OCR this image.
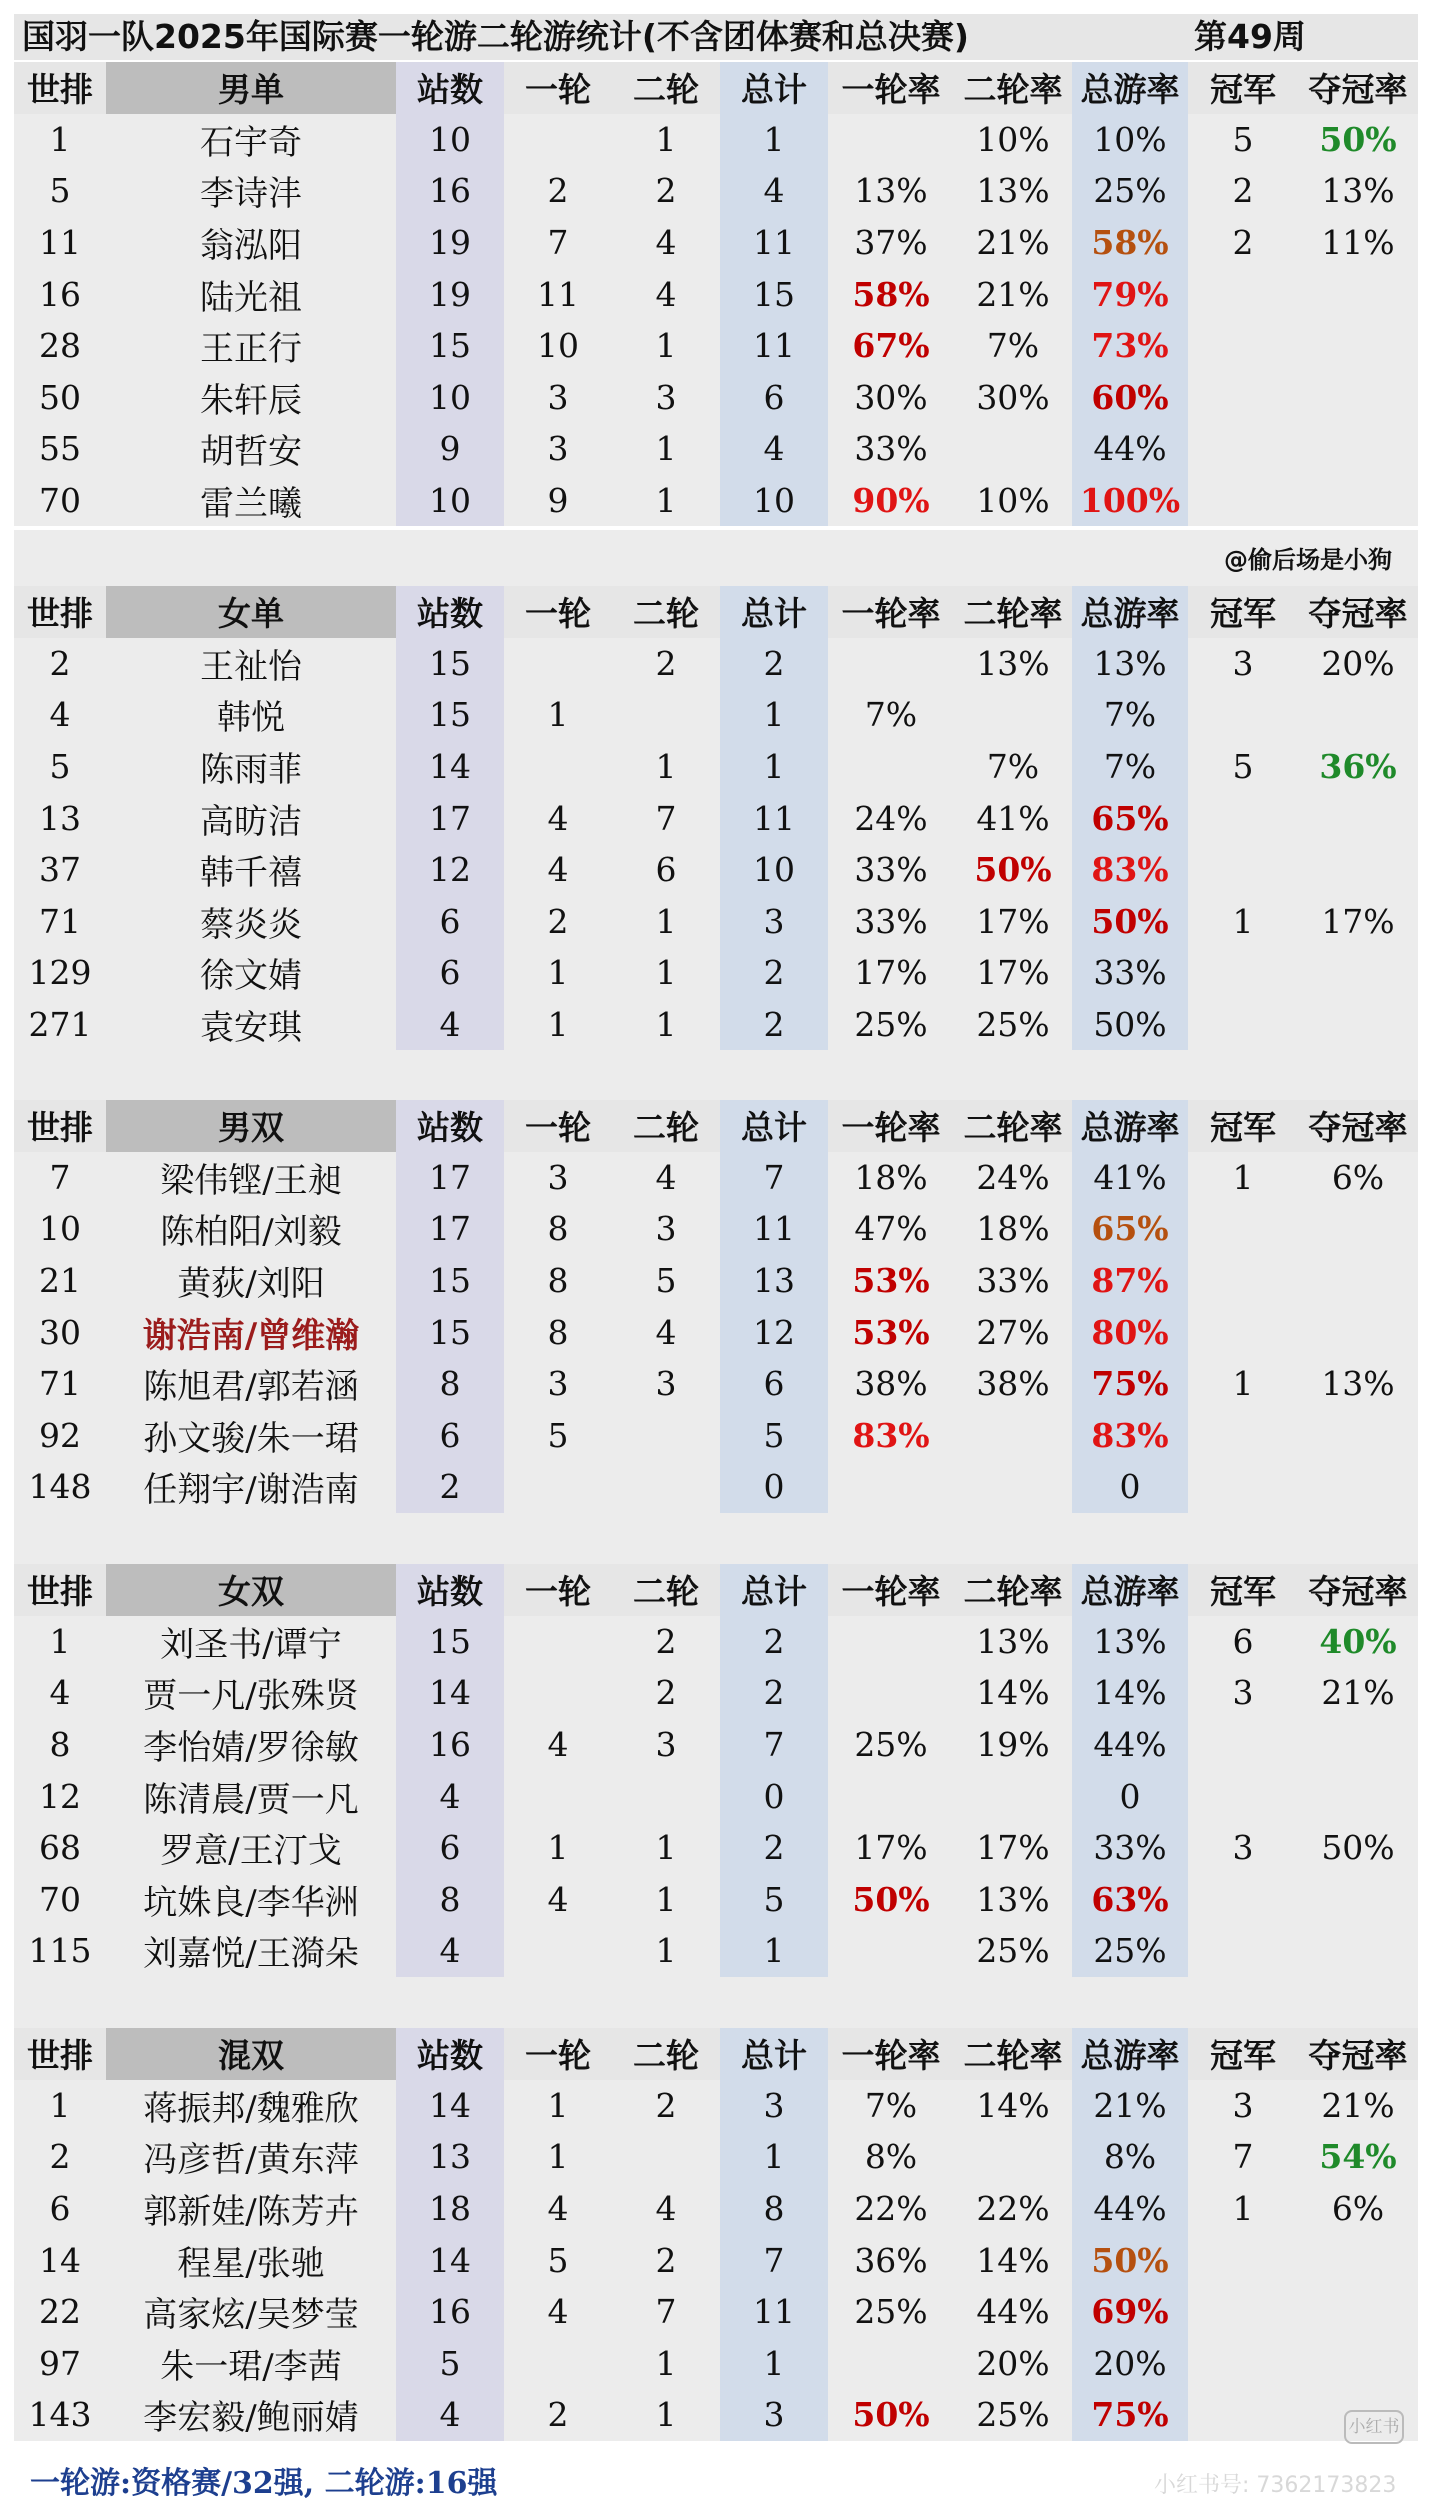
国羽一队2025年国际赛一轮游二轮游统计(不含团体赛和总决赛)	第49周
@偷后场是小狗
世排	男单	站数	一轮	二轮	总计	一轮率	二轮率	总游率	冠军	夺冠率
1	石宇奇	10		1	1		10%	10%	5	50%
5	李诗沣	16	2	2	4	13%	13%	25%	2	13%
11	翁泓阳	19	7	4	11	37%	21%	58%	2	11%
16	陆光祖	19	11	4	15	58%	21%	79%		
28	王正行	15	10	1	11	67%	7%	73%		
50	朱轩辰	10	3	3	6	30%	30%	60%		
55	胡哲安	9	3	1	4	33%		44%		
70	雷兰曦	10	9	1	10	90%	10%	100%		
世排	女单	站数	一轮	二轮	总计	一轮率	二轮率	总游率	冠军	夺冠率
2	王祉怡	15		2	2		13%	13%	3	20%
4	韩悦	15	1		1	7%		7%		
5	陈雨菲	14		1	1		7%	7%	5	36%
13	高昉洁	17	4	7	11	24%	41%	65%		
37	韩千禧	12	4	6	10	33%	50%	83%		
71	蔡炎炎	6	2	1	3	33%	17%	50%	1	17%
129	徐文婧	6	1	1	2	17%	17%	33%		
271	袁安琪	4	1	1	2	25%	25%	50%		
世排	男双	站数	一轮	二轮	总计	一轮率	二轮率	总游率	冠军	夺冠率
7	梁伟铿/王昶	17	3	4	7	18%	24%	41%	1	6%
10	陈柏阳/刘毅	17	8	3	11	47%	18%	65%		
21	黄荻/刘阳	15	8	5	13	53%	33%	87%		
30	谢浩南/曾维瀚	15	8	4	12	53%	27%	80%		
71	陈旭君/郭若涵	8	3	3	6	38%	38%	75%	1	13%
92	孙文骏/朱一珺	6	5		5	83%		83%		
148	任翔宇/谢浩南	2			0			0		
世排	女双	站数	一轮	二轮	总计	一轮率	二轮率	总游率	冠军	夺冠率
1	刘圣书/谭宁	15		2	2		13%	13%	6	40%
4	贾一凡/张殊贤	14		2	2		14%	14%	3	21%
8	李怡婧/罗徐敏	16	4	3	7	25%	19%	44%		
12	陈清晨/贾一凡	4			0			0		
68	罗意/王汀戈	6	1	1	2	17%	17%	33%	3	50%
70	坑姝良/李华洲	8	4	1	5	50%	13%	63%		
115	刘嘉悦/王漪朵	4		1	1		25%	25%		
世排	混双	站数	一轮	二轮	总计	一轮率	二轮率	总游率	冠军	夺冠率
1	蒋振邦/魏雅欣	14	1	2	3	7%	14%	21%	3	21%
2	冯彦哲/黄东萍	13	1		1	8%		8%	7	54%
6	郭新娃/陈芳卉	18	4	4	8	22%	22%	44%	1	6%
14	程星/张驰	14	5	2	7	36%	14%	50%		
22	高家炫/吴梦莹	16	4	7	11	25%	44%	69%		
97	朱一珺/李茜	5		1	1		20%	20%		
143	李宏毅/鲍丽婧	4	2	1	3	50%	25%	75%		
一轮游:资格赛/32强, 二轮游:16强
小红书
小红书号: 7362173823
